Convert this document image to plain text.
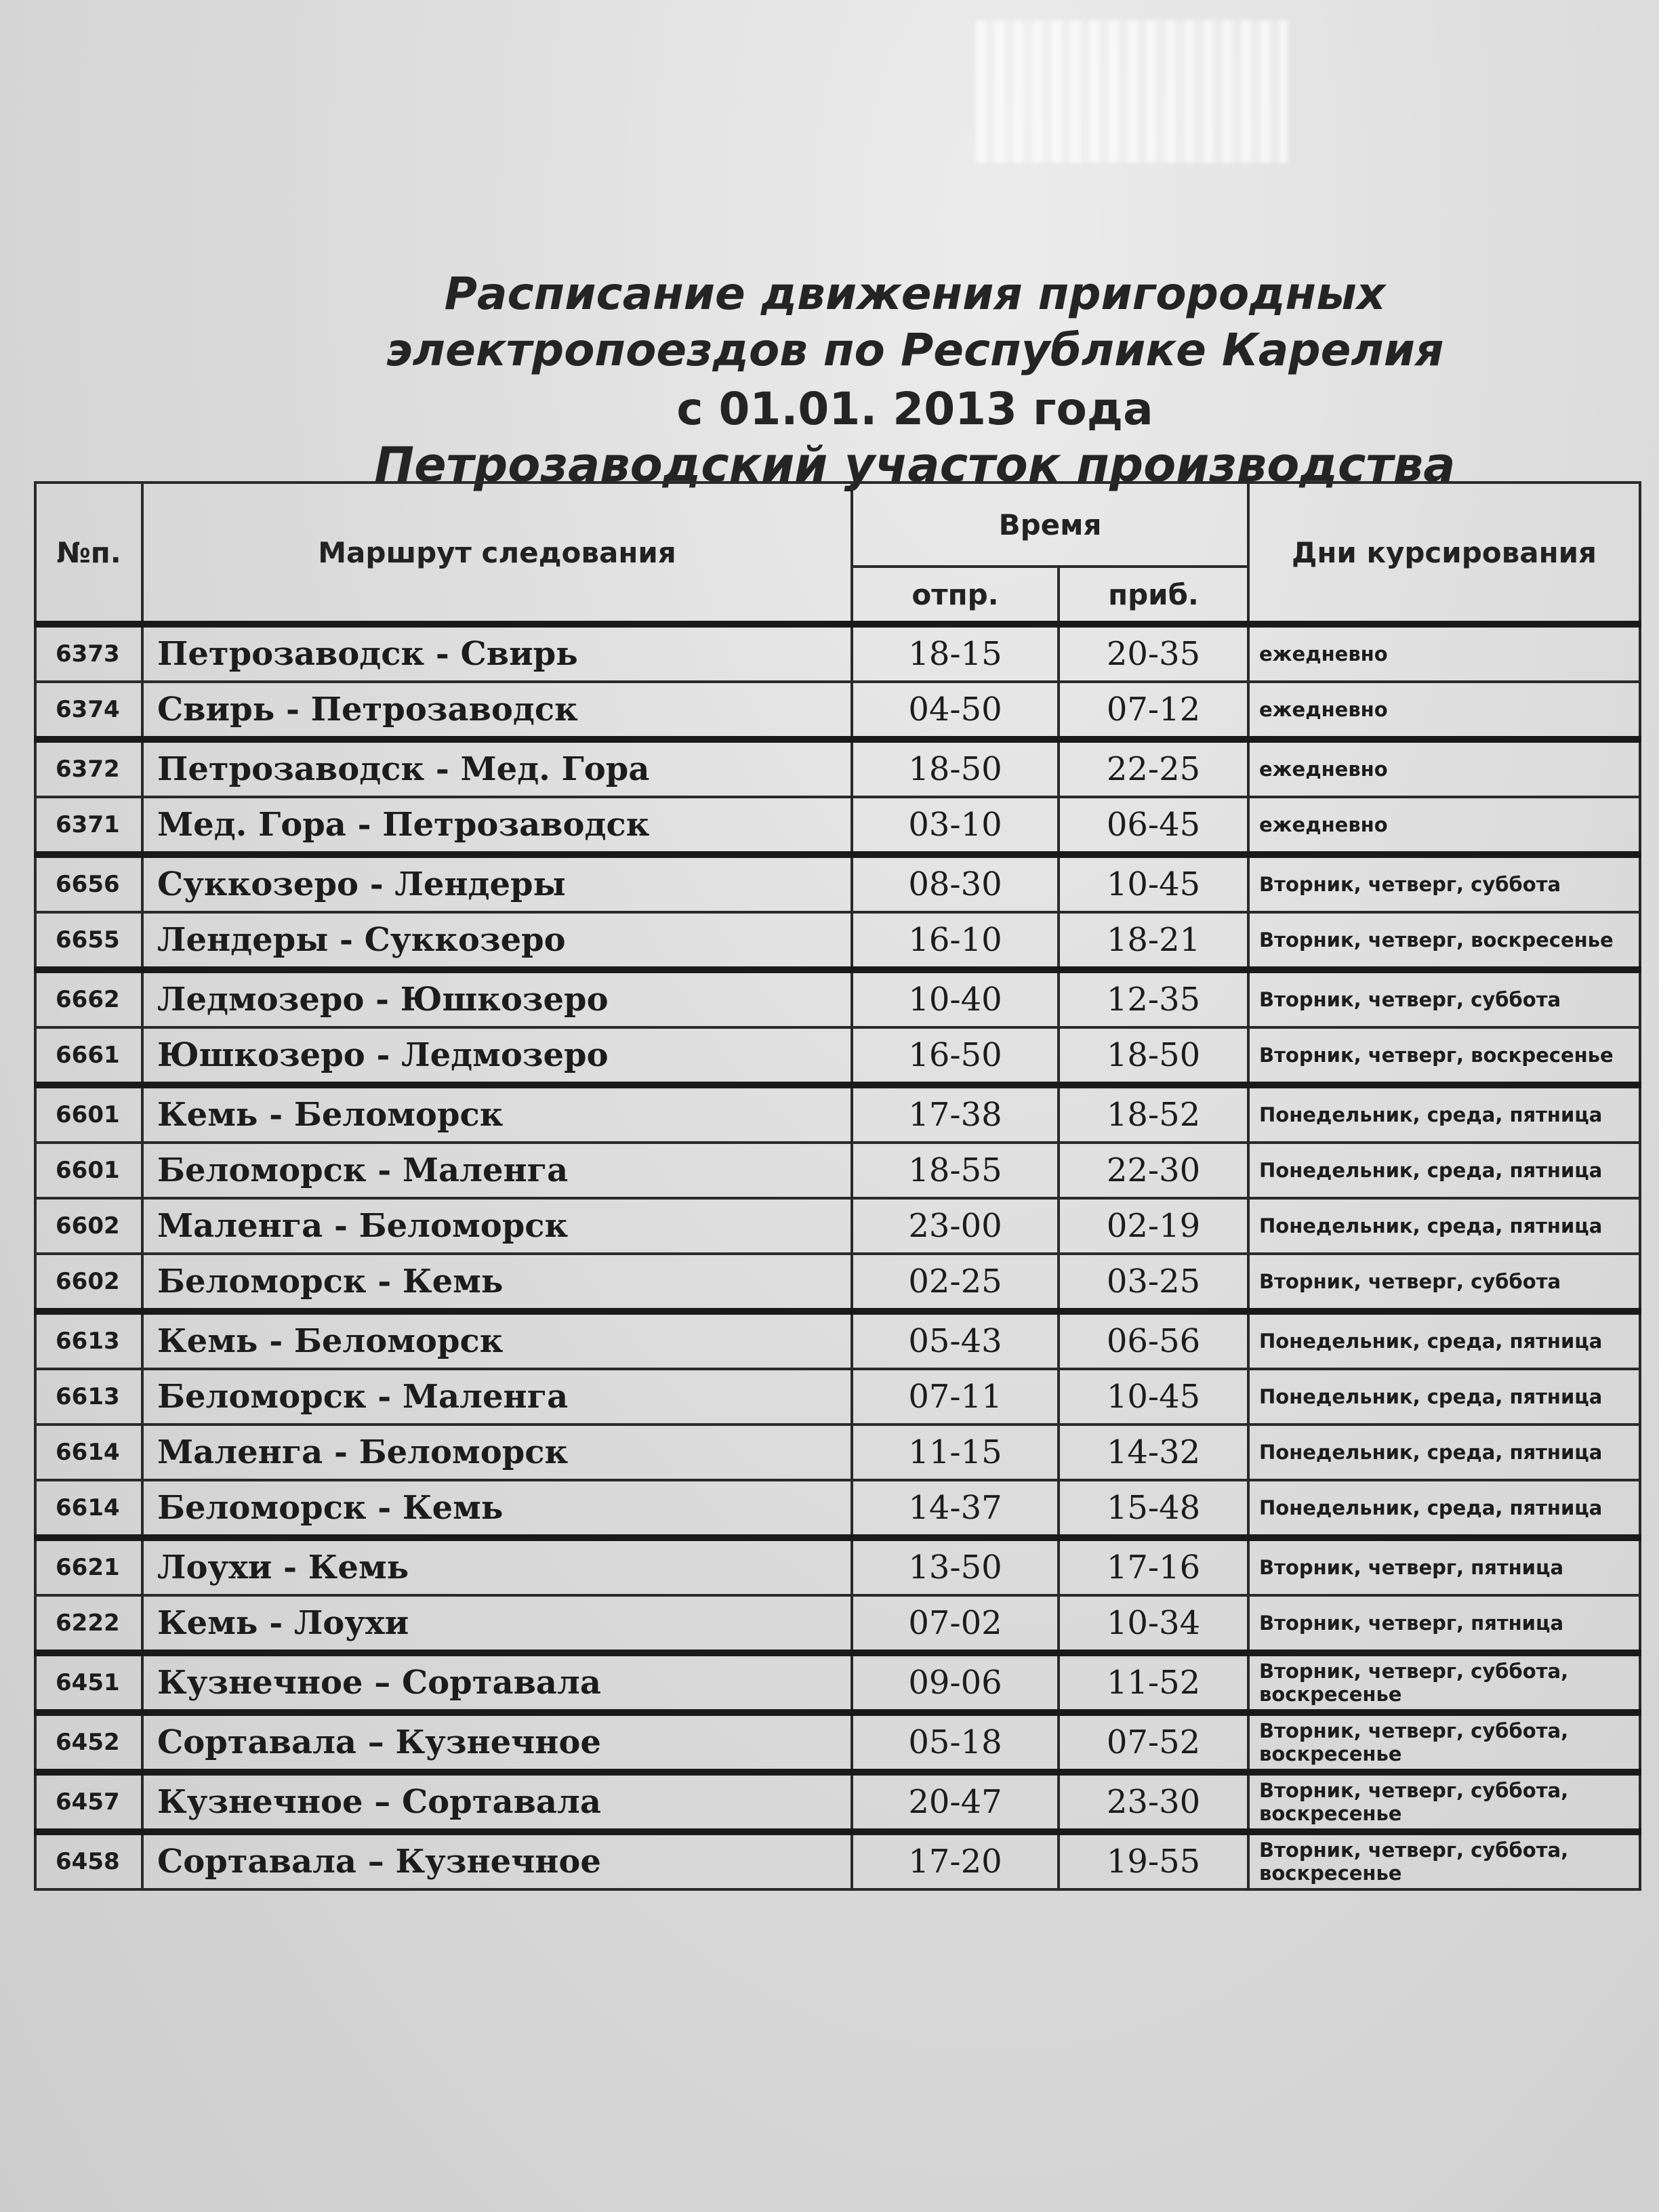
Расписание движения пригородных
электропоездов по Республике Карелия
с 01.01. 2013 года
Петрозаводский участок производства
№п.	Маршрут следования	Время		Дни курсирования
		отпр.	приб.	
6373	Петрозаводск - Свирь	18-15	20-35	ежедневно
6374	Свирь - Петрозаводск	04-50	07-12	ежедневно
6372	Петрозаводск - Мед. Гора	18-50	22-25	ежедневно
6371	Мед. Гора - Петрозаводск	03-10	06-45	ежедневно
6656	Суккозеро - Лендеры	08-30	10-45	Вторник, четверг, суббота
6655	Лендеры - Суккозеро	16-10	18-21	Вторник, четверг, воскресенье
6662	Ледмозеро - Юшкозеро	10-40	12-35	Вторник, четверг, суббота
6661	Юшкозеро - Ледмозеро	16-50	18-50	Вторник, четверг, воскресенье
6601	Кемь - Беломорск	17-38	18-52	Понедельник, среда, пятница
6601	Беломорск - Маленга	18-55	22-30	Понедельник, среда, пятница
6602	Маленга - Беломорск	23-00	02-19	Понедельник, среда, пятница
6602	Беломорск - Кемь	02-25	03-25	Вторник, четверг, суббота
6613	Кемь - Беломорск	05-43	06-56	Понедельник, среда, пятница
6613	Беломорск - Маленга	07-11	10-45	Понедельник, среда, пятница
6614	Маленга - Беломорск	11-15	14-32	Понедельник, среда, пятница
6614	Беломорск - Кемь	14-37	15-48	Понедельник, среда, пятница
6621	Лоухи - Кемь	13-50	17-16	Вторник, четверг, пятница
6222	Кемь - Лоухи	07-02	10-34	Вторник, четверг, пятница
6451	Кузнечное – Сортавала	09-06	11-52	Вторник, четверг, суббота, воскресенье
6452	Сортавала – Кузнечное	05-18	07-52	Вторник, четверг, суббота, воскресенье
6457	Кузнечное – Сортавала	20-47	23-30	Вторник, четверг, суббота, воскресенье
6458	Сортавала – Кузнечное	17-20	19-55	Вторник, четверг, суббота, воскресенье
